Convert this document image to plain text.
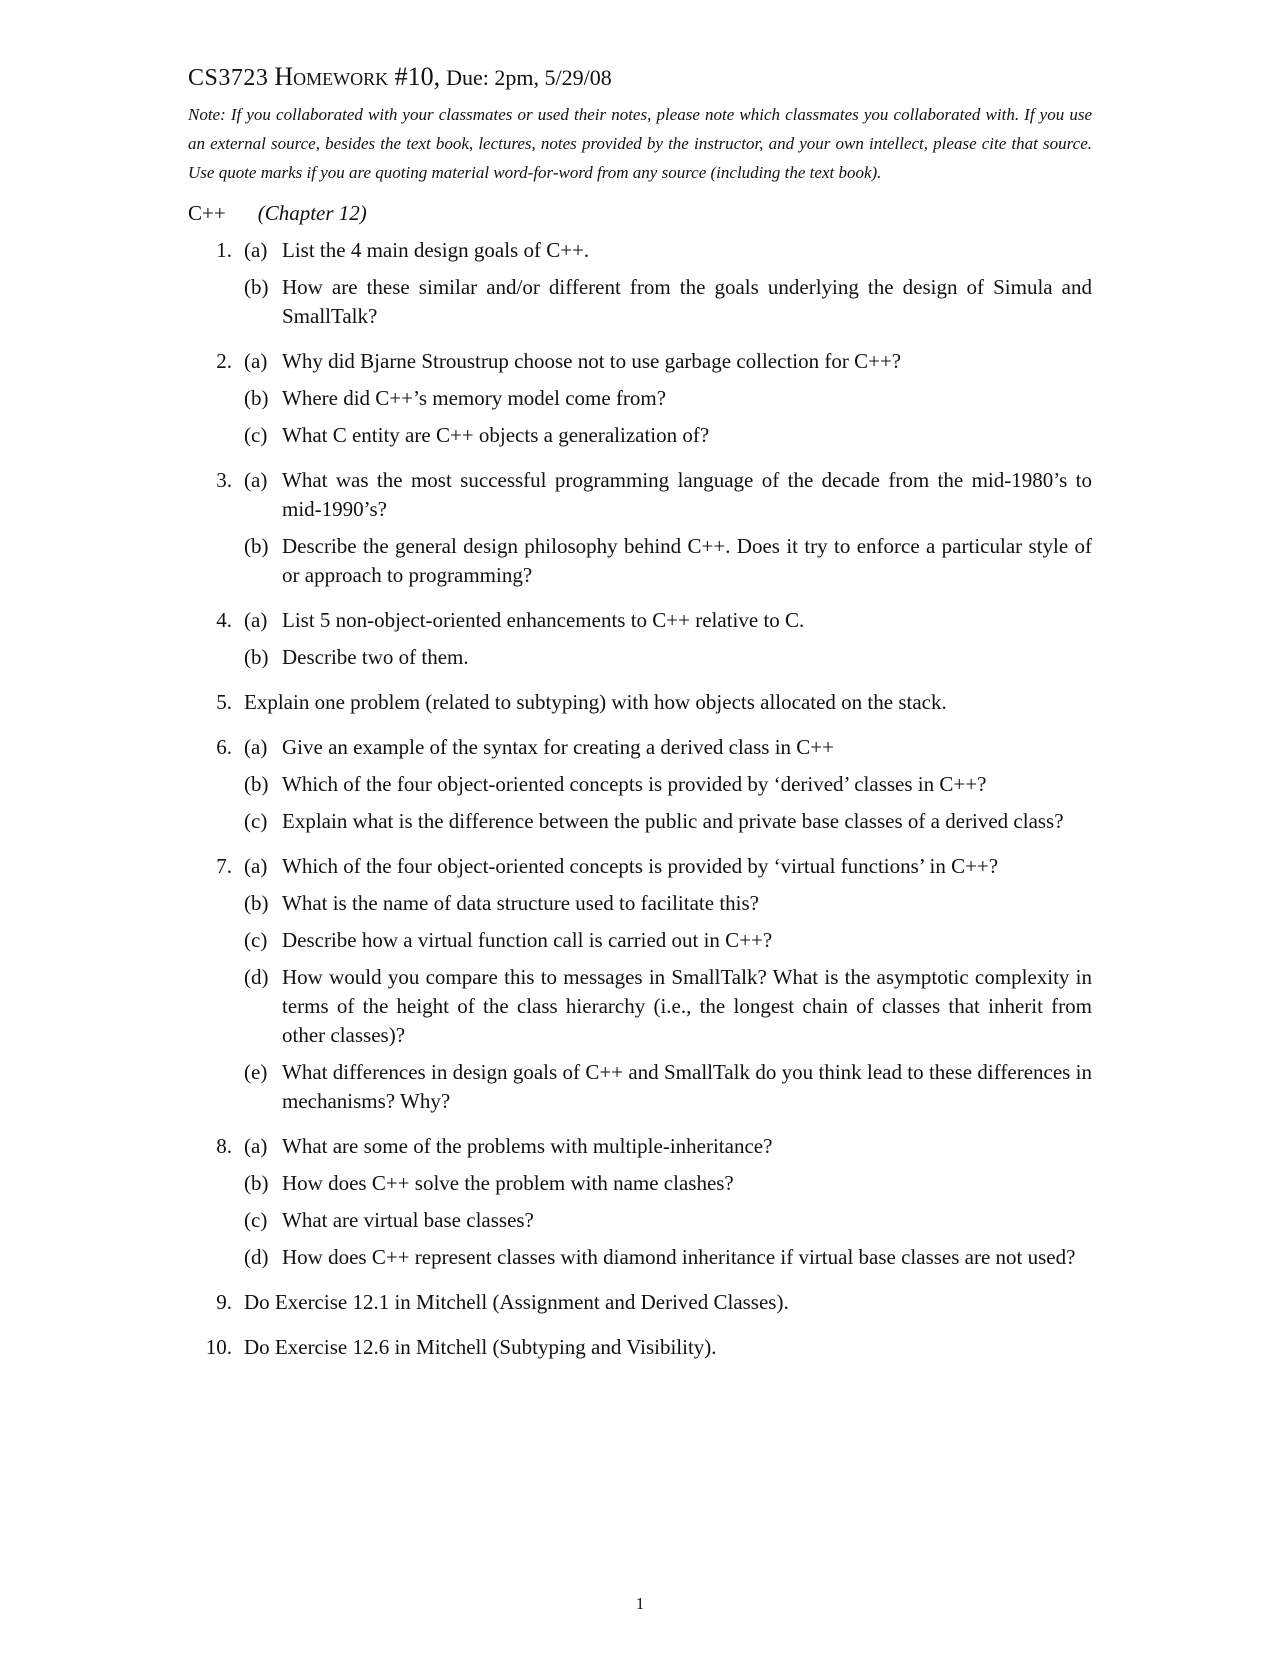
CS3723 Homework #10, Due: 2pm, 5/29/08

Note: If you collaborated with your classmates or used their notes, please note which classmates you collaborated with. If you use an external source, besides the text book, lectures, notes provided by the instructor, and your own intellect, please cite that source. Use quote marks if you are quoting material word-for-word from any source (including the text book).

C++ (Chapter 12)
1. (a) List the 4 main design goals of C++.
(b) How are these similar and/or different from the goals underlying the design of Simula and SmallTalk?
2. (a) Why did Bjarne Stroustrup choose not to use garbage collection for C++?
(b) Where did C++’s memory model come from?
(c) What C entity are C++ objects a generalization of?
3. (a) What was the most successful programming language of the decade from the mid-1980’s to mid-1990’s?
(b) Describe the general design philosophy behind C++. Does it try to enforce a particular style of or approach to programming?
4. (a) List 5 non-object-oriented enhancements to C++ relative to C.
(b) Describe two of them.
5. Explain one problem (related to subtyping) with how objects allocated on the stack.
6. (a) Give an example of the syntax for creating a derived class in C++
(b) Which of the four object-oriented concepts is provided by ‘derived’ classes in C++?
(c) Explain what is the difference between the public and private base classes of a derived class?
7. (a) Which of the four object-oriented concepts is provided by ‘virtual functions’ in C++?
(b) What is the name of data structure used to facilitate this?
(c) Describe how a virtual function call is carried out in C++?
(d) How would you compare this to messages in SmallTalk? What is the asymptotic complexity in terms of the height of the class hierarchy (i.e., the longest chain of classes that inherit from other classes)?
(e) What differences in design goals of C++ and SmallTalk do you think lead to these differences in mechanisms? Why?
8. (a) What are some of the problems with multiple-inheritance?
(b) How does C++ solve the problem with name clashes?
(c) What are virtual base classes?
(d) How does C++ represent classes with diamond inheritance if virtual base classes are not used?
9. Do Exercise 12.1 in Mitchell (Assignment and Derived Classes).
10. Do Exercise 12.6 in Mitchell (Subtyping and Visibility).
1
